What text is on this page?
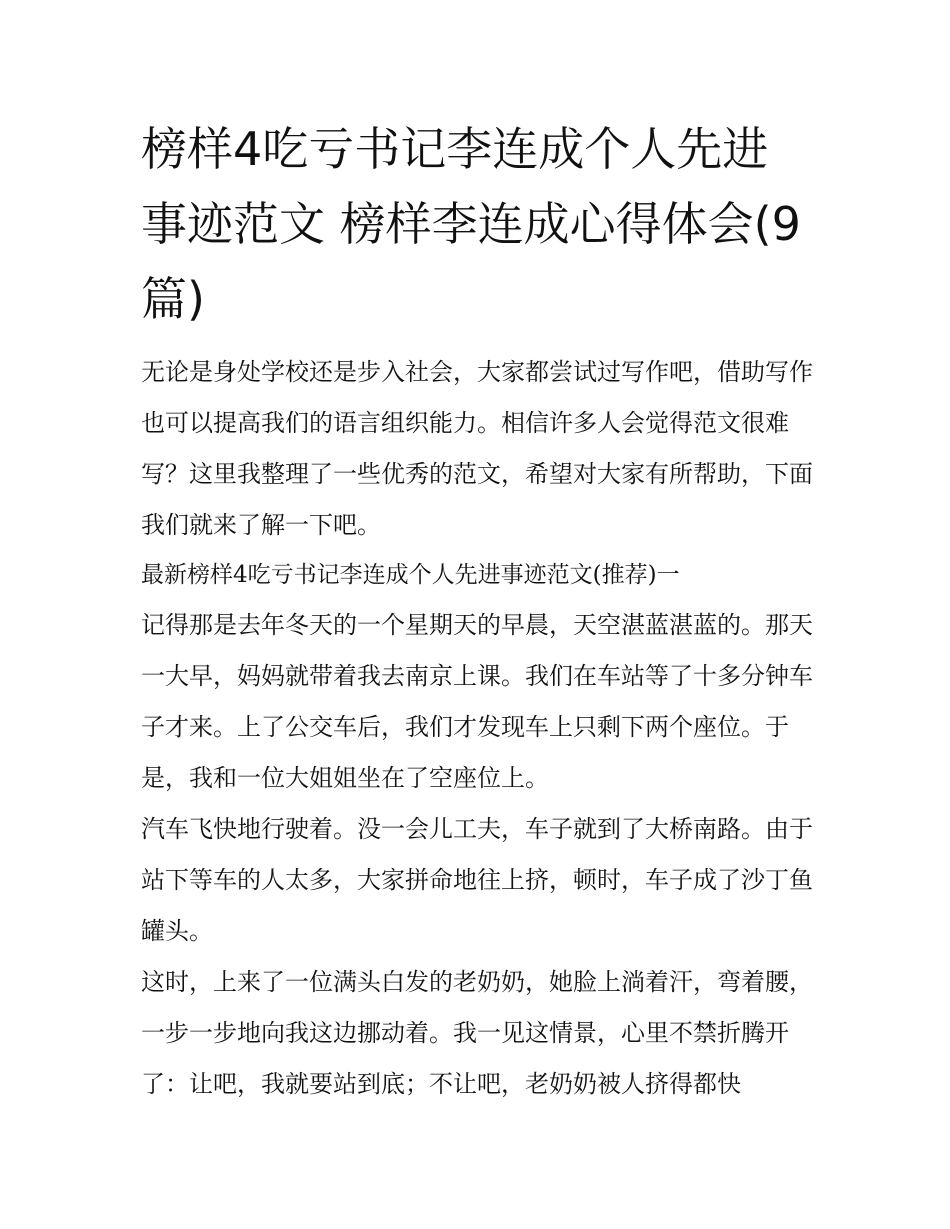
榜样4吃亏书记李连成个人先进事迹范文 榜样李连成心得体会(9篇)

无论是身处学校还是步入社会，大家都尝试过写作吧，借助写作也可以提高我们的语言组织能力。相信许多人会觉得范文很难写？这里我整理了一些优秀的范文，希望对大家有所帮助，下面我们就来了解一下吧。

最新榜样4吃亏书记李连成个人先进事迹范文(推荐)一

记得那是去年冬天的一个星期天的早晨，天空湛蓝湛蓝的。那天一大早，妈妈就带着我去南京上课。我们在车站等了十多分钟车子才来。上了公交车后，我们才发现车上只剩下两个座位。于是，我和一位大姐姐坐在了空座位上。

汽车飞快地行驶着。没一会儿工夫，车子就到了大桥南路。由于站下等车的人太多，大家拼命地往上挤，顿时，车子成了沙丁鱼罐头。

这时，上来了一位满头白发的老奶奶，她脸上淌着汗，弯着腰，一步一步地向我这边挪动着。我一见这情景，心里不禁折腾开了：让吧，我就要站到底；不让吧，老奶奶被人挤得都快
